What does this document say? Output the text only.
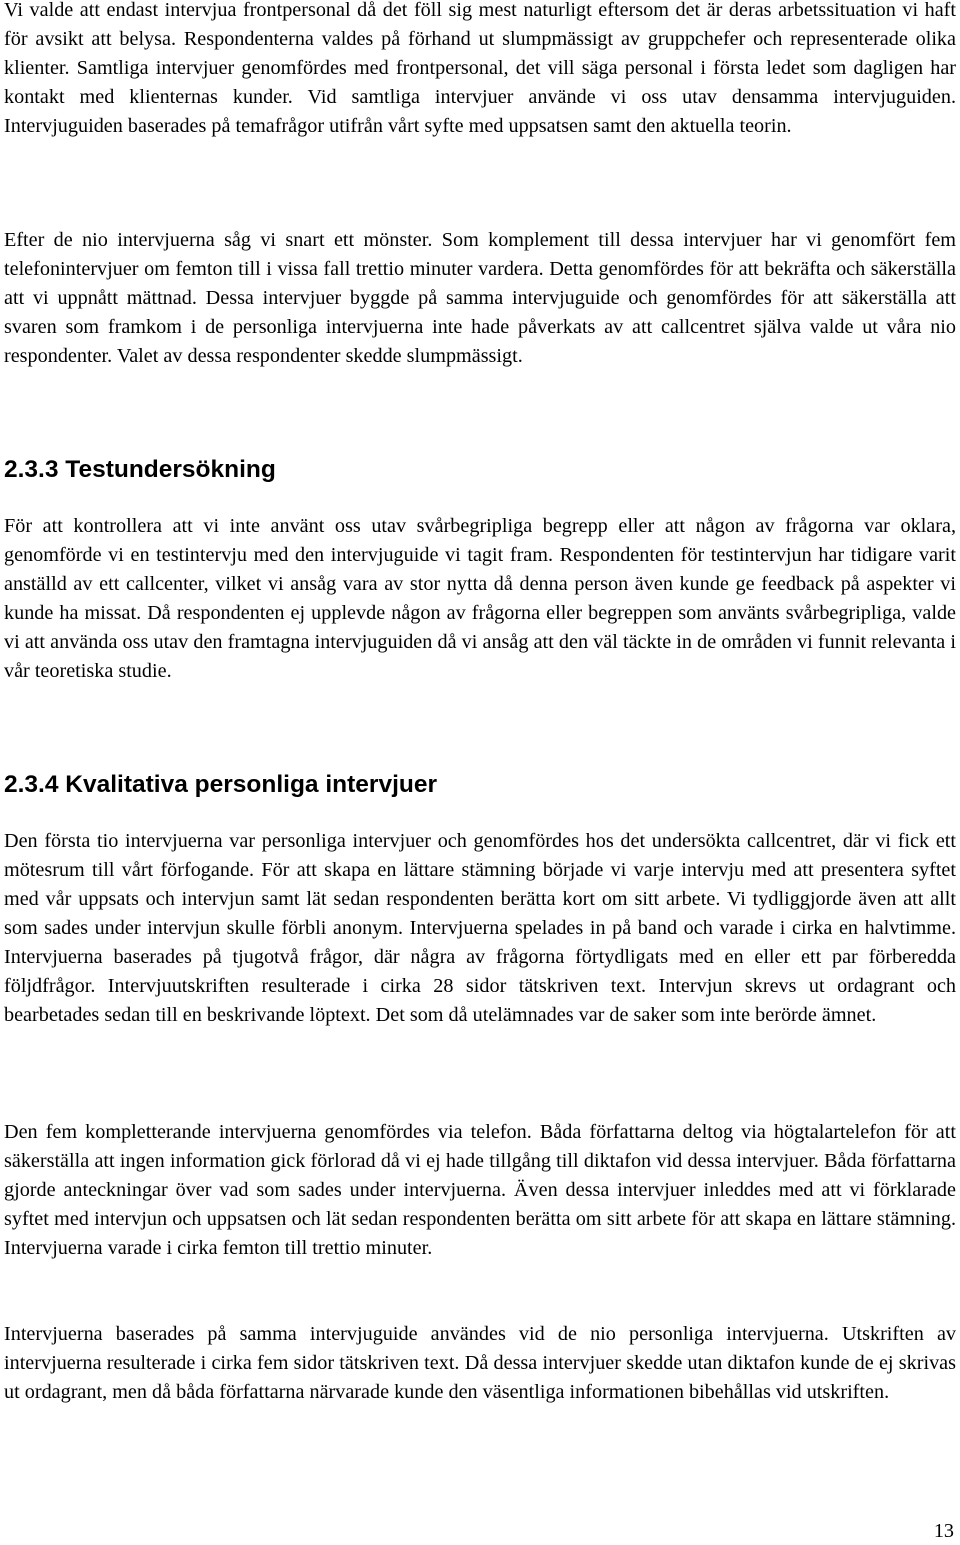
Vi valde att endast intervjua frontpersonal då det föll sig mest naturligt eftersom det är deras arbetssituation vi haft för avsikt att belysa. Respondenterna valdes på förhand ut slumpmässigt av gruppchefer och representerade olika klienter. Samtliga intervjuer genomfördes med frontpersonal, det vill säga personal i första ledet som dagligen har kontakt med klienternas kunder. Vid samtliga intervjuer använde vi oss utav densamma intervjuguiden. Intervjuguiden baserades på temafrågor utifrån vårt syfte med uppsatsen samt den aktuella teorin.

Efter de nio intervjuerna såg vi snart ett mönster. Som komplement till dessa intervjuer har vi genomfört fem telefonintervjuer om femton till i vissa fall trettio minuter vardera. Detta genomfördes för att bekräfta och säkerställa att vi uppnått mättnad. Dessa intervjuer byggde på samma intervjuguide och genomfördes för att säkerställa att svaren som framkom i de personliga intervjuerna inte hade påverkats av att callcentret själva valde ut våra nio respondenter. Valet av dessa respondenter skedde slumpmässigt.

2.3.3 Testundersökning

För att kontrollera att vi inte använt oss utav svårbegripliga begrepp eller att någon av frågorna var oklara, genomförde vi en testintervju med den intervjuguide vi tagit fram. Respondenten för testintervjun har tidigare varit anställd av ett callcenter, vilket vi ansåg vara av stor nytta då denna person även kunde ge feedback på aspekter vi kunde ha missat. Då respondenten ej upplevde någon av frågorna eller begreppen som använts svårbegripliga, valde vi att använda oss utav den framtagna intervjuguiden då vi ansåg att den väl täckte in de områden vi funnit relevanta i vår teoretiska studie.

2.3.4 Kvalitativa personliga intervjuer

Den första tio intervjuerna var personliga intervjuer och genomfördes hos det undersökta callcentret, där vi fick ett mötesrum till vårt förfogande. För att skapa en lättare stämning började vi varje intervju med att presentera syftet med vår uppsats och intervjun samt lät sedan respondenten berätta kort om sitt arbete. Vi tydliggjorde även att allt som sades under intervjun skulle förbli anonym. Intervjuerna spelades in på band och varade i cirka en halvtimme. Intervjuerna baserades på tjugotvå frågor, där några av frågorna förtydligats med en eller ett par förberedda följdfrågor. Intervjuutskriften resulterade i cirka 28 sidor tätskriven text. Intervjun skrevs ut ordagrant och bearbetades sedan till en beskrivande löptext. Det som då utelämnades var de saker som inte berörde ämnet.

Den fem kompletterande intervjuerna genomfördes via telefon. Båda författarna deltog via högtalartelefon för att säkerställa att ingen information gick förlorad då vi ej hade tillgång till diktafon vid dessa intervjuer. Båda författarna gjorde anteckningar över vad som sades under intervjuerna. Även dessa intervjuer inleddes med att vi förklarade syftet med intervjun och uppsatsen och lät sedan respondenten berätta om sitt arbete för att skapa en lättare stämning. Intervjuerna varade i cirka femton till trettio minuter.

Intervjuerna baserades på samma intervjuguide användes vid de nio personliga intervjuerna. Utskriften av intervjuerna resulterade i cirka fem sidor tätskriven text. Då dessa intervjuer skedde utan diktafon kunde de ej skrivas ut ordagrant, men då båda författarna närvarade kunde den väsentliga informationen bibehållas vid utskriften.

13
